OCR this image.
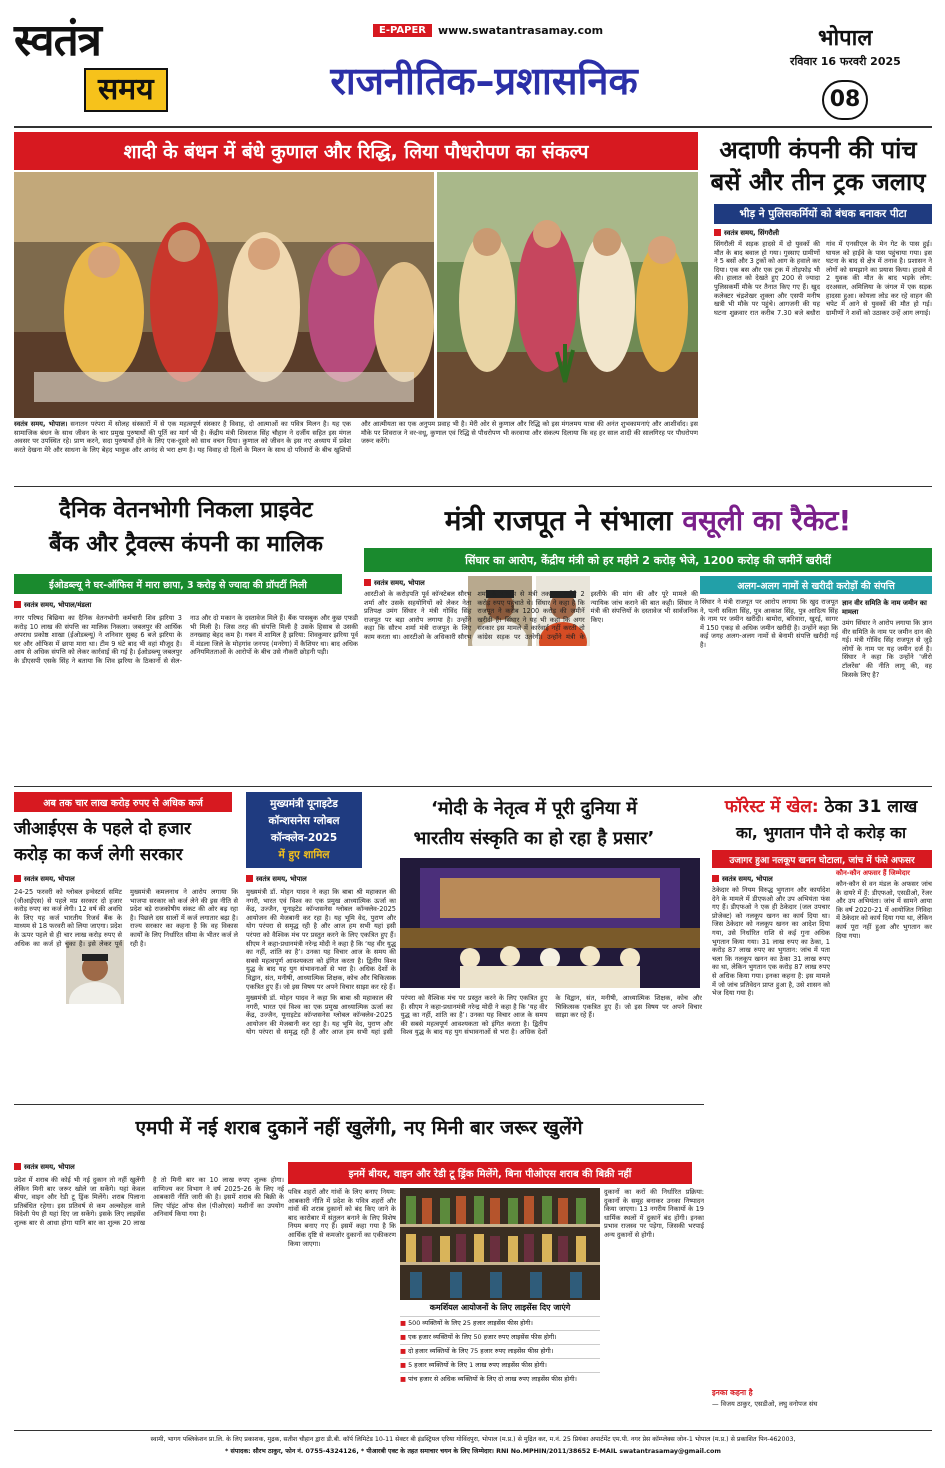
स्वतंत्र
समय
E-PAPER	www.swatantrasamay.com
राजनीतिक–प्रशासनिक
भोपाल
रविवार 16 फरवरी 2025
08
शादी के बंधन में बंधे कुणाल और रिद्धि, लिया पौधरोपण का संकल्प
स्वतंत्र समय, भोपाल। सनातन परंपरा में सोलह संस्कारों में से एक महत्वपूर्ण संस्कार है विवाह, दो आत्माओं का पवित्र मिलन है। यह एक सामाजिक बंधन के साथ जीवन के चार प्रमुख पुरुषार्थों की पूर्ति का मार्ग भी है। केंद्रीय मंत्री शिवराज सिंह चौहान ने दर्जीय सहित इस मंगल अवसर पर उपस्थित रहे। प्राण करने, सदा पुरुषार्थों होने के लिए एक-दूसरे को साथ वचन दिया। कुणाल को जीवन के इस नए अध्याय में प्रवेश करते देखना मेरे और साधना के लिए बेहद भावुक और आनंद से भरा क्षण है। यह विवाह दो दिलों के मिलन के साथ दो परिवारों के बीच खुशियों और आत्मीयता का एक अनुपम प्रवाह भी है। मेरी ओर से कुणाल और रिद्धि को इस मंगलमय यात्रा की अनंत शुभकामनाएं और आशीर्वाद। इस मौके पर शिवराज ने वर-वधू, कुणाल एवं रिद्धि से पौधरोपण भी करवाया और संकल्प दिलाया कि वह हर साल शादी की सालगिरह पर पौधरोपण जरूर करेंगे।
अदाणी कंपनी की पांच
बसें और तीन ट्रक जलाए
भीड़ ने पुलिसकर्मियों को बंधक बनाकर पीटा
स्वतंत्र समय, सिंगरौली
सिंगरौली में सड़क हादसे में दो युवकों की मौत के बाद बवाल हो गया। गुस्साए ग्रामीणों ने 5 बसों और 3 ट्रकों को आग के हवाले कर दिया। एक बस और एक ट्रक में तोड़फोड़ भी की। हालात को देखते हुए 200 से ज्यादा पुलिसकर्मी मौके पर तैनात किए गए हैं। खुद कलेक्टर चंद्रशेखर शुक्ला और एसपी मनीष खत्री भी मौके पर पहुंचे। आगजनी की यह घटना शुक्रवार रात करीब 7.30 बजे बधौरा गांव में एनसीएल के मेन गेट के पास हुई। घायल को हाईवे के पास पहुंचाया गया। इस घटना के बाद से क्षेत्र में तनाव है। प्रशासन ने लोगों को समझाने का प्रयास किया। हादसे में 2 युवक की मौत के बाद भड़के लोग: दरअसल, अमिलिया के जंगल में एक सड़क हादसा हुआ। कोयला लोड कर रहे वाहन की चपेट में आने से युवकों की मौत हो गई। ग्रामीणों ने शवों को उठाकर उन्हें आग लगाई।
दैनिक वेतनभोगी निकला प्राइवेट
बैंक और ट्रैवल्स कंपनी का मालिक
ईओडब्ल्यू ने घर-ऑफिस में मारा छापा, 3 करोड़ से ज्यादा की प्रॉपर्टी मिली
स्वतंत्र समय, भोपाल/मंडला
नगर परिषद बिछिया का दैनिक वेतनभोगी कर्मचारी शिव झरिया 3 करोड़ 10 लाख की संपत्ति का मालिक निकला। जबलपुर की आर्थिक अपराध प्रकोष्ठ शाखा (ईओडब्ल्यू) ने शनिवार सुबह 6 बजे झरिया के घर और ऑफिस में छापा मारा था। टीम 9 घंटे बाद भी वहां मौजूद है। आय से अधिक संपत्ति को लेकर कार्रवाई की गई है। ईओडब्ल्यू जबलपुर के डीएसपी एसके सिंह ने बताया कि शिव झरिया के ठिकानों से सेल-नाउ और दो मकान के दस्तावेज मिले हैं। बैंक पासबुक और कुछ एफडी भी मिली है। जिस तरह की संपत्ति मिली है उसके हिसाब से उसकी तनख्वाह बेहद कम है। गबन में शामिल है झरिया: शिवकुमार झरिया पूर्व में मंडला जिले के मोहगांव जनपद (मनरेगा) में कैशियर था। बाद अधिक अनियमितताओं के आरोपों के बीच उसे नौकरी छोड़नी पड़ी।
मंत्री राजपूत ने संभाला वसूली का रैकेट!
सिंघार का आरोप, केंद्रीय मंत्री को हर महीने 2 करोड़ भेजे, 1200 करोड़ की जमीनें खरीदीं
स्वतंत्र समय, भोपाल
आरटीओ के करोड़पति पूर्व कॉन्स्टेबल सौरभ शर्मा और उसके सहयोगियों को लेकर नेता प्रतिपक्ष उमंग सिंघार ने मंत्री गोविंद सिंह राजपूत पर बड़ा आरोप लगाया है। उन्होंने कहा कि सौरभ शर्मा मंत्री राजपूत के लिए काम करता था। आरटीओ के अधिकारी सौरभ शर्मा के माध्यम से मंत्री तक हर महीने 2 करोड़ रुपए पहुंचाते थे। सिंघार ने कहा है कि राजपूत ने करीब 1200 करोड़ की जमीनें खरीदी हैं। सिंघार ने यह भी कहा कि अगर सरकार इस मामले में कार्रवाई नहीं करती तो कांग्रेस सड़क पर उतरेगी। उन्होंने मंत्री के इस्तीफे की मांग की और पूरे मामले की न्यायिक जांच कराने की बात कही। सिंघार ने मंत्री की संपत्तियों के दस्तावेज भी सार्वजनिक किए।
अलग-अलग नामों से खरीदी करोड़ों की संपत्ति
सिंघार ने मंत्री राजपूत पर आरोप लगाया कि खुद राजपूत ने, पत्नी सविता सिंह, पुत्र आकाश सिंह, पुत्र आदित्य सिंह के नाम पर जमीन खरीदी। बामोरा, बरिवारा, खुरई, सागर में 150 एकड़ से अधिक जमीन खरीदी है। उन्होंने कहा कि कई जगह अलग-अलग नामों से बेनामी संपत्ति खरीदी गई है।
ज्ञान वीर समिति के नाम जमीन का मामला
उमंग सिंघार ने आरोप लगाया कि ज्ञान वीर समिति के नाम पर जमीन दान की गई। मंत्री गोविंद सिंह राजपूत से जुड़े लोगों के नाम पर यह जमीन दर्ज है। सिंघार ने कहा कि उन्होंने 'जीरो टॉलरेंस' की नीति लागू की, वह किसके लिए है?
अब तक चार लाख करोड़ रुपए से अधिक कर्ज
जीआईएस के पहले दो हजार
करोड़ का कर्ज लेगी सरकार
स्वतंत्र समय, भोपाल
24-25 फरवरी को ग्लोबल इन्वेस्टर्स समिट (जीआईएस) से पहले मप्र सरकार दो हजार करोड़ रुपए का कर्ज लेगी। 12 वर्ष की अवधि के लिए यह कर्ज भारतीय रिजर्व बैंक के माध्यम से 18 फरवरी को लिया जाएगा। प्रदेश के ऊपर पहले से ही चार लाख करोड़ रुपए से अधिक का कर्ज हो चुका है। इसे लेकर पूर्व मुख्यमंत्री कमलनाथ ने आरोप लगाया कि भाजपा सरकार को कर्ज लेने की इस नीति से प्रदेश बड़े राजकोषीय संकट की ओर बढ़ रहा है। पिछले दस सालों में कर्ज लगातार बढ़ा है। राज्य सरकार का कहना है कि वह विकास कार्यों के लिए निर्धारित सीमा के भीतर कर्ज ले रही है।
मुख्यमंत्री यूनाइटेड
कॉन्शसनेस ग्लोबल
कॉन्क्लेव-2025
में हुए शामिल
‘मोदी के नेतृत्व में पूरी दुनिया में
भारतीय संस्कृति का हो रहा है प्रसार’
स्वतंत्र समय, भोपाल
मुख्यमंत्री डॉ. मोहन यादव ने कहा कि बाबा श्री महाकाल की नगरी, भारत एवं विश्व का एक प्रमुख आध्यात्मिक ऊर्जा का केंद्र, उज्जैन, यूनाइटेड कॉन्शसनेस ग्लोबल कॉन्क्लेव-2025 आयोजन की मेजबानी कर रहा है। यह भूमि वेद, पुराण और योग परंपरा से समृद्ध रही है और आज हम सभी यहां इसी परंपरा को वैश्विक मंच पर प्रस्तुत करने के लिए एकत्रित हुए हैं। सीएम ने कहा-प्रधानमंत्री नरेन्द्र मोदी ने कहा है कि ‘यह वीर युद्ध का नहीं, शांति का है’। उनका यह विचार आज के समय की सबसे महत्वपूर्ण आवश्यकता को इंगित करता है। द्वितीय विश्व युद्ध के बाद यह युग संभावनाओं से भरा है। अधिक देशों के विद्वान, संत, मनीषी, आध्यात्मिक शिक्षक, कोच और चिकित्सक एकत्रित हुए हैं। जो इस विषय पर अपने विचार साझा कर रहे हैं।
मुख्यमंत्री डॉ. मोहन यादव ने कहा कि बाबा श्री महाकाल की नगरी, भारत एवं विश्व का एक प्रमुख आध्यात्मिक ऊर्जा का केंद्र, उज्जैन, यूनाइटेड कॉन्शसनेस ग्लोबल कॉन्क्लेव-2025 आयोजन की मेजबानी कर रहा है। यह भूमि वेद, पुराण और योग परंपरा से समृद्ध रही है और आज हम सभी यहां इसी परंपरा को वैश्विक मंच पर प्रस्तुत करने के लिए एकत्रित हुए हैं। सीएम ने कहा-प्रधानमंत्री नरेन्द्र मोदी ने कहा है कि ‘यह वीर युद्ध का नहीं, शांति का है’। उनका यह विचार आज के समय की सबसे महत्वपूर्ण आवश्यकता को इंगित करता है। द्वितीय विश्व युद्ध के बाद यह युग संभावनाओं से भरा है। अधिक देशों के विद्वान, संत, मनीषी, आध्यात्मिक शिक्षक, कोच और चिकित्सक एकत्रित हुए हैं। जो इस विषय पर अपने विचार साझा कर रहे हैं।
फॉरेस्ट में खेल: ठेका 31 लाख
का, भुगतान पौने दो करोड़ का
उजागर हुआ नलकूप खनन घोटाला, जांच में फंसे अफसर
स्वतंत्र समय, भोपाल
ठेकेदार को नियम विरुद्ध भुगतान और कार्यादेश देने के मामले में डीएफओ और उप अभियंता फंस गए हैं। डीएफओ ने एक ही ठेकेदार (जल उपचार प्रोजेक्ट) को नलकूप खनन का कार्य दिया था। जिस ठेकेदार को नलकूप खनन का आदेश दिया गया, उसे निर्धारित राशि से कई गुना अधिक भुगतान किया गया। 31 लाख रुपए का ठेका, 1 करोड़ 87 लाख रुपए का भुगतान: जांच में पता चला कि नलकूप खनन का ठेका 31 लाख रुपए का था, लेकिन भुगतान एक करोड़ 87 लाख रुपए से अधिक किया गया। इनका कहना है: इस मामले में जो जांच प्रतिवेदन प्राप्त हुआ है, उसे शासन को भेज दिया गया है।
कौन-कौन अफसर हैं जिम्मेदार
कौन-कौन से वन मंडल के अफसर जांच के दायरे में हैं: डीएफओ, एसडीओ, रेंजर और उप अभियंता। जांच में सामने आया कि वर्ष 2020-21 में आयोजित निविदा में ठेकेदार को कार्य दिया गया था, लेकिन कार्य पूरा नहीं हुआ और भुगतान कर दिया गया।
इनका कहना है
— विजय ठाकुर, एसडीओ, लघु वनोपज संघ
एमपी में नई शराब दुकानें नहीं खुलेंगी, नए मिनी बार जरूर खुलेंगे
स्वतंत्र समय, भोपाल
प्रदेश में शराब की कोई भी नई दुकान तो नहीं खुलेंगी लेकिन मिनी बार जरूर खोले जा सकेंगे। यहां केवल बीयर, वाइन और रेडी टू ड्रिंक मिलेंगे। शराब पिलाना प्रतिबंधित रहेगा। इस प्रतिवर्ष से कम अल्कोहल वाले विदेशी पेय ही यहां दिए जा सकेंगे। इसके लिए लाइसेंस शुल्क बार से आधा होगा यानि बार का शुल्क 20 लाख है तो मिनी बार का 10 लाख रुपए शुल्क होगा। वाणिज्य कर विभाग ने वर्ष 2025-26 के लिए नई आबकारी नीति जारी की है। इसमें शराब की बिक्री के लिए पॉइंट ऑफ सेल (पीओएस) मशीनों का उपयोग अनिवार्य किया गया है।
इनमें बीयर, वाइन और रेडी टू ड्रिंक मिलेंगे, बिना पीओएस शराब की बिक्री नहीं
पवित्र शहरों और गांवों के लिए बनाए नियम: आबकारी नीति में प्रदेश के पवित्र शहरों और गांवों की शराब दुकानों को बंद किए जाने के बाद कारोबार में संतुलन बनाने के लिए विशेष नियम बनाए गए हैं। इसमें कहा गया है कि आर्थिक दृष्टि से कमजोर दुकानों का एकीकरण किया जाएगा।
दुकानों का करों की निर्धारित प्रक्रिया: दुकानों के समूह बनाकर उनका निष्पादन किया जाएगा। 13 नगरीय निकायों के 19 धार्मिक स्थलों में दुकानें बंद होंगी। इनका प्रभाव राजस्व पर पड़ेगा, जिसकी भरपाई अन्य दुकानों से होगी।
कमर्शियल आयोजनों के लिए लाइसेंस दिए जाएंगे
■ 500 व्यक्तियों के लिए 25 हजार लाइसेंस फीस होगी।
■ एक हजार व्यक्तियों के लिए 50 हजार रुपए लाइसेंस फीस होगी।
■ दो हजार व्यक्तियों के लिए 75 हजार रुपए लाइसेंस फीस होगी।
■ 5 हजार व्यक्तियों के लिए 1 लाख रुपए लाइसेंस फीस होगी।
■ पांच हजार से अधिक व्यक्तियों के लिए दो लाख रुपए लाइसेंस फीस होगी।
स्वामी, भागग पब्लिकेशन प्रा.लि. के लिए प्रकाशक, मुद्रक, सतीश चौहान द्वारा डी.बी. कॉर्प लिमिटेड 10-11 सेक्टर बी इंडस्ट्रियल एरिया गोविंदपुरा, भोपाल (म.प्र.) से मुद्रित कर, म.नं. 25 प्रियंका अपार्टमेंट एम.पी. नगर प्रेस कॉम्प्लेक्स जोन-1 भोपाल (म.प्र.) से प्रकाशित पिन-462003,
* संपादक: सौरभ ठाकुर, फोन नं. 0755-4324126, * पीआरबी एक्ट के तहत समाचार चयन के लिए जिम्मेदार। RNI No.MPHIN/2011/38652 E-MAIL swatantrasamay@gmail.com
